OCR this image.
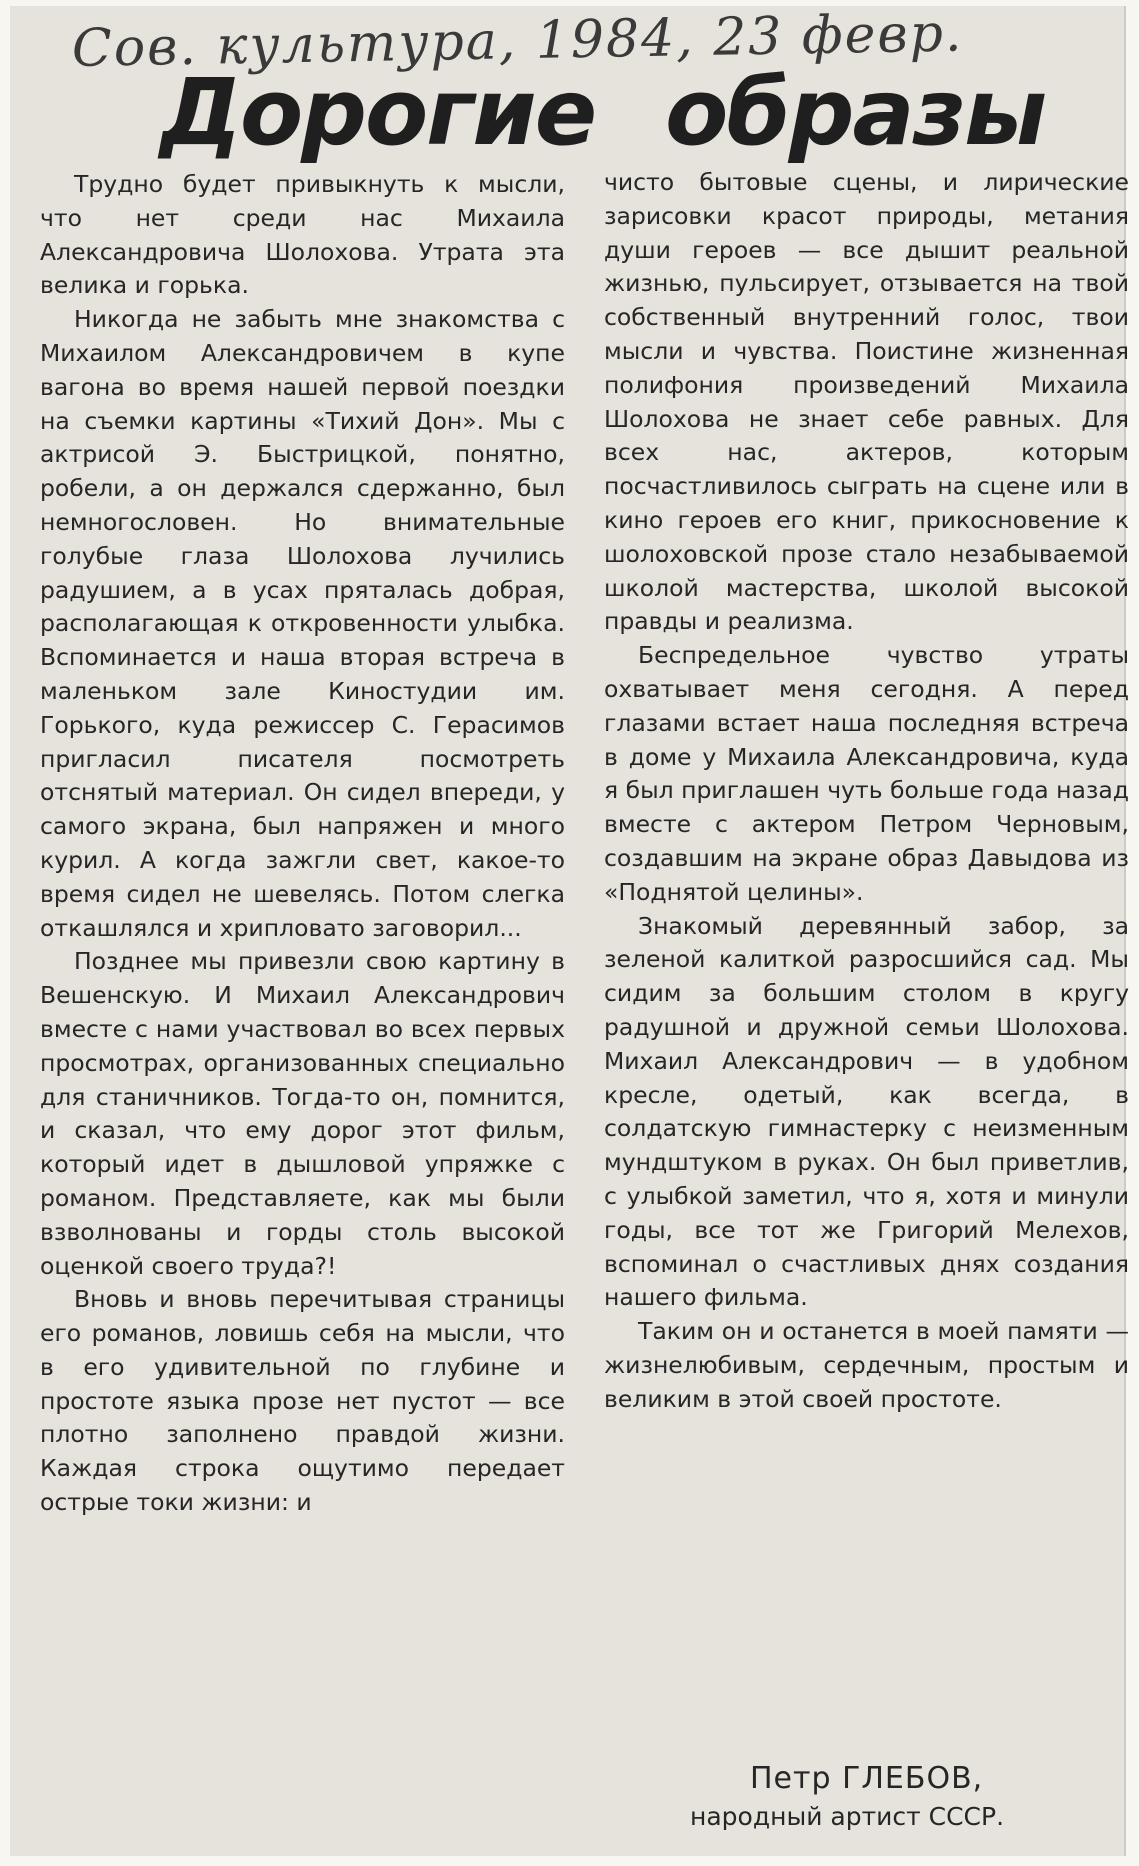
Сов. культура, 1984, 23 февр.
Дорогие образы

Трудно будет привыкнуть к мысли, что нет среди нас Михаила Александровича Шолохова. Утрата эта велика и горька.

Никогда не забыть мне знакомства с Михаилом Александровичем в купе вагона во время нашей первой поездки на съемки картины «Тихий Дон». Мы с актрисой Э. Быстрицкой, понятно, робели, а он держался сдержанно, был немногословен. Но внимательные голубые глаза Шолохова лучились радушием, а в усах пряталась добрая, располагающая к откровенности улыбка. Вспоминается и наша вторая встреча в маленьком зале Киностудии им. Горького, куда режиссер С. Герасимов пригласил писателя посмотреть отснятый материал. Он сидел впереди, у самого экрана, был напряжен и много курил. А когда зажгли свет, какое-то время сидел не шевелясь. Потом слегка откашлялся и хрипловато заговорил...

Позднее мы привезли свою картину в Вешенскую. И Михаил Александрович вместе с нами участвовал во всех первых просмотрах, организованных специально для станичников. Тогда-то он, помнится, и сказал, что ему дорог этот фильм, который идет в дышловой упряжке с романом. Представляете, как мы были взволнованы и горды столь высокой оценкой своего труда?!

Вновь и вновь перечитывая страницы его романов, ловишь себя на мысли, что в его удивительной по глубине и простоте языка прозе нет пустот — все плотно заполнено правдой жизни. Каждая строка ощутимо передает острые токи жизни: и

чисто бытовые сцены, и лирические зарисовки красот природы, метания души героев — все дышит реальной жизнью, пульсирует, отзывается на твой собственный внутренний голос, твои мысли и чувства. Поистине жизненная полифония произведений Михаила Шолохова не знает себе равных. Для всех нас, актеров, которым посчастливилось сыграть на сцене или в кино героев его книг, прикосновение к шолоховской прозе стало незабываемой школой мастерства, школой высокой правды и реализма.

Беспредельное чувство утраты охватывает меня сегодня. А перед глазами встает наша последняя встреча в доме у Михаила Александровича, куда я был приглашен чуть больше года назад вместе с актером Петром Черновым, создавшим на экране образ Давыдова из «Поднятой целины».

Знакомый деревянный забор, за зеленой калиткой разросшийся сад. Мы сидим за большим столом в кругу радушной и дружной семьи Шолохова. Михаил Александрович — в удобном кресле, одетый, как всегда, в солдатскую гимнастерку с неизменным мундштуком в руках. Он был приветлив, с улыбкой заметил, что я, хотя и минули годы, все тот же Григорий Мелехов, вспоминал о счастливых днях создания нашего фильма.

Таким он и останется в моей памяти — жизнелюбивым, сердечным, простым и великим в этой своей простоте.

Петр ГЛЕБОВ,
народный артист СССР.
